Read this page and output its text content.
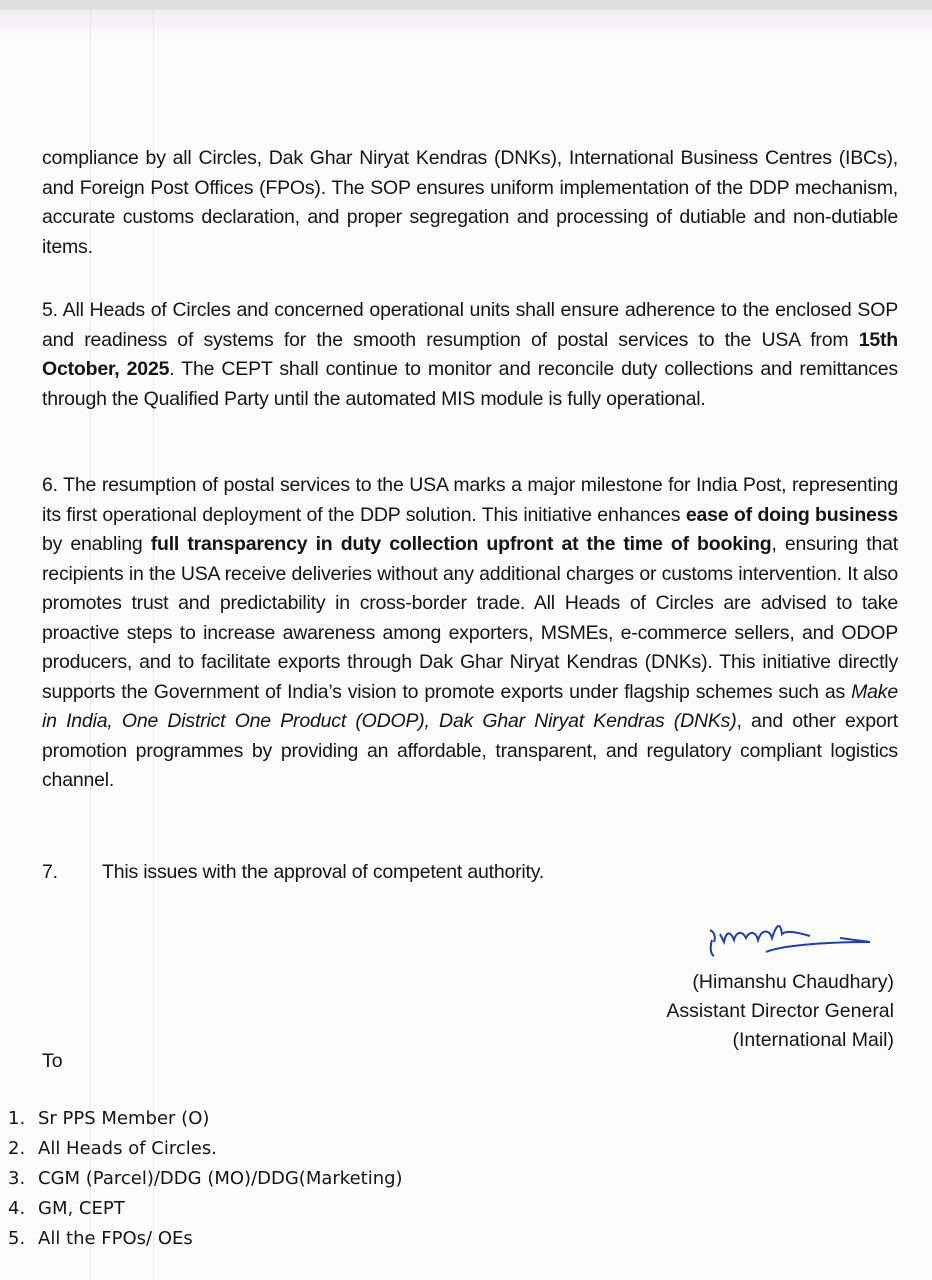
compliance by all Circles, Dak Ghar Niryat Kendras (DNKs), International Business Centres (IBCs), and Foreign Post Offices (FPOs). The SOP ensures uniform implementation of the DDP mechanism, accurate customs declaration, and proper segregation and processing of dutiable and non-dutiable items.
5. All Heads of Circles and concerned operational units shall ensure adherence to the enclosed SOP and readiness of systems for the smooth resumption of postal services to the USA from 15th October, 2025. The CEPT shall continue to monitor and reconcile duty collections and remittances through the Qualified Party until the automated MIS module is fully operational.
6. The resumption of postal services to the USA marks a major milestone for India Post, representing its first operational deployment of the DDP solution. This initiative enhances ease of doing business by enabling full transparency in duty collection upfront at the time of booking, ensuring that recipients in the USA receive deliveries without any additional charges or customs intervention. It also promotes trust and predictability in cross-border trade. All Heads of Circles are advised to take proactive steps to increase awareness among exporters, MSMEs, e-commerce sellers, and ODOP producers, and to facilitate exports through Dak Ghar Niryat Kendras (DNKs). This initiative directly supports the Government of India’s vision to promote exports under flagship schemes such as Make in India, One District One Product (ODOP), Dak Ghar Niryat Kendras (DNKs), and other export promotion programmes by providing an affordable, transparent, and regulatory compliant logistics channel.
7. This issues with the approval of competent authority.
(Himanshu Chaudhary)
Assistant Director General
(International Mail)
To
1. Sr PPS Member (O)
2. All Heads of Circles.
3. CGM (Parcel)/DDG (MO)/DDG(Marketing)
4. GM, CEPT
5. All the FPOs/ OEs
